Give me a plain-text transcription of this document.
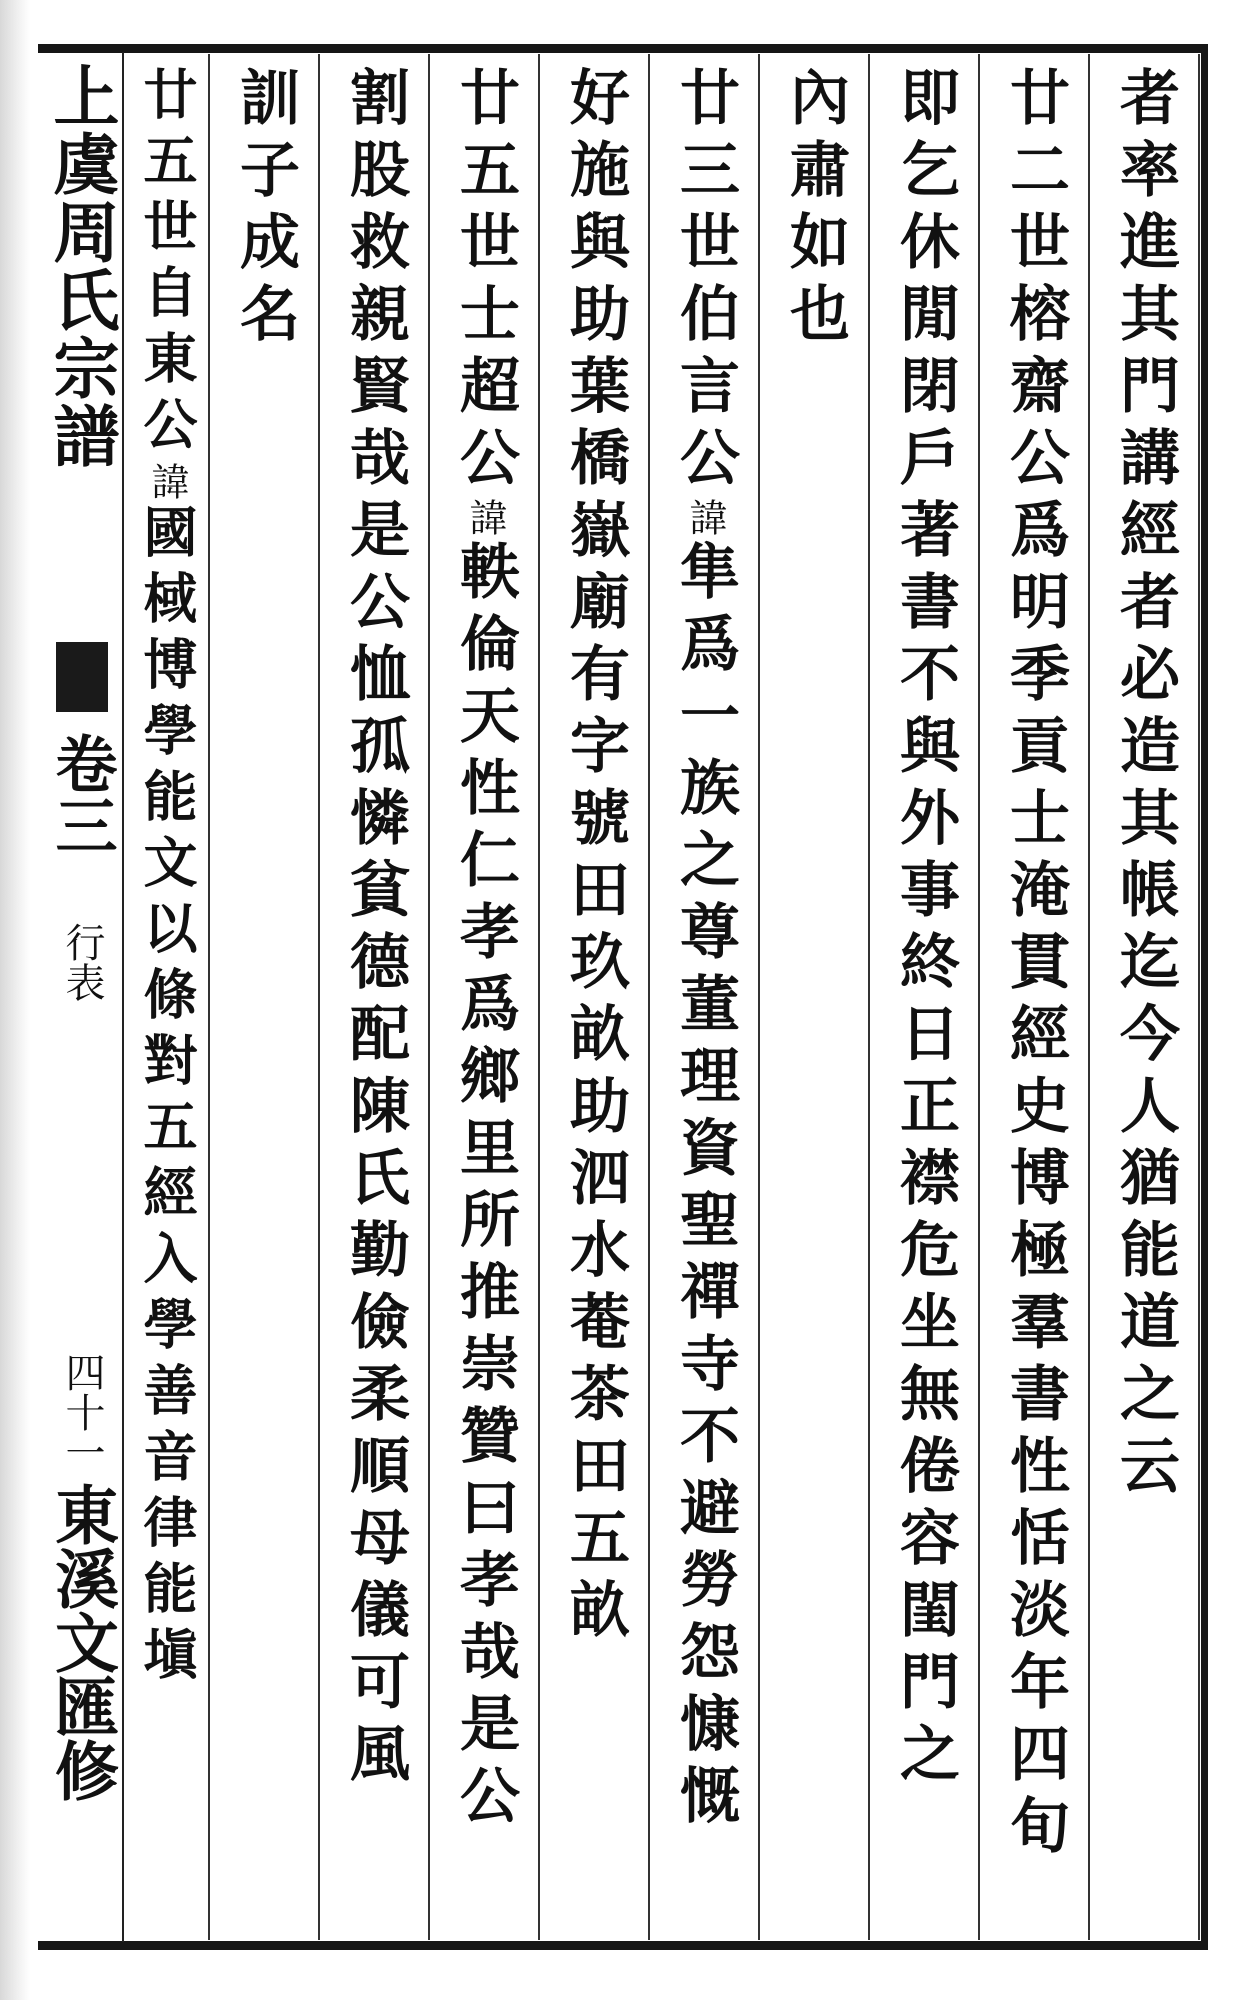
上虞周氏宗譜
卷三
行表
四十一
東溪文匯修
者率進其門講經者必造其帳迄今人猶能道之云
廿二世榕齋公爲明季貢士淹貫經史博極羣書性恬淡年四旬
即乞休閒閉戶著書不與外事終日正襟危坐無倦容閨門之
內肅如也
廿三世伯言公諱隼爲一族之尊董理資聖禪寺不避勞怨慷慨
好施與助葉橋嶽廟有字號田玖畝助泗水菴茶田五畝
廿五世士超公諱軼倫天性仁孝爲鄉里所推崇贊曰孝哉是公
割股救親賢哉是公恤孤憐貧德配陳氏勤儉柔順母儀可風
訓子成名
廿五世自東公諱國棫博學能文以條對五經入學善音律能塡
